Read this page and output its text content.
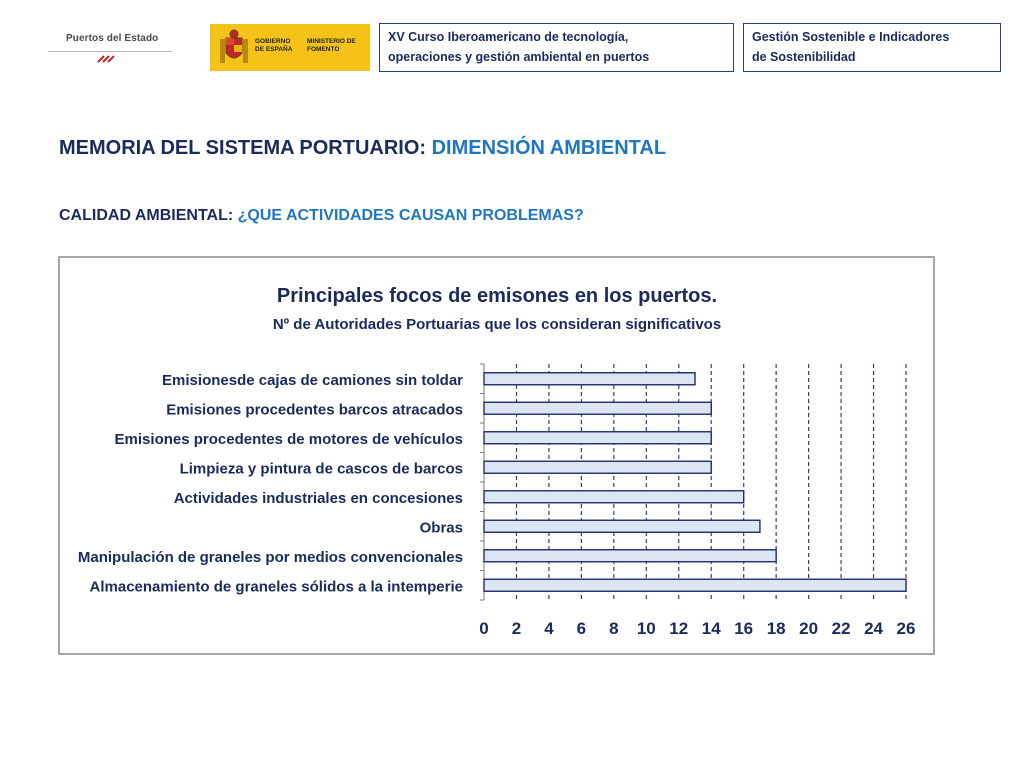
Puertos del Estado	GOBIERNO DE ESPAÑA
MINISTERIO DE FOMENTO
XV Curso Iberoamericano de tecnología,
operaciones y gestión ambiental en puertos
Gestión Sostenible e Indicadores
de Sostenibilidad
MEMORIA DEL SISTEMA PORTUARIO: DIMENSIÓN AMBIENTAL
CALIDAD AMBIENTAL: ¿QUE ACTIVIDADES CAUSAN PROBLEMAS?
Principales focos de emisones en los puertos.
Nº de Autoridades Portuarias que los consideran significativos
Emisionesde cajas de camiones sin toldar
Emisiones procedentes barcos atracados
Emisiones procedentes de motores de vehículos
Limpieza y pintura de cascos de barcos
Actividades industriales en concesiones
Obras
Manipulación de graneles por medios convencionales
Almacenamiento de graneles sólidos a la intemperie
0 2 4 6 8 10 12 14 16 18 20 22 24 26
